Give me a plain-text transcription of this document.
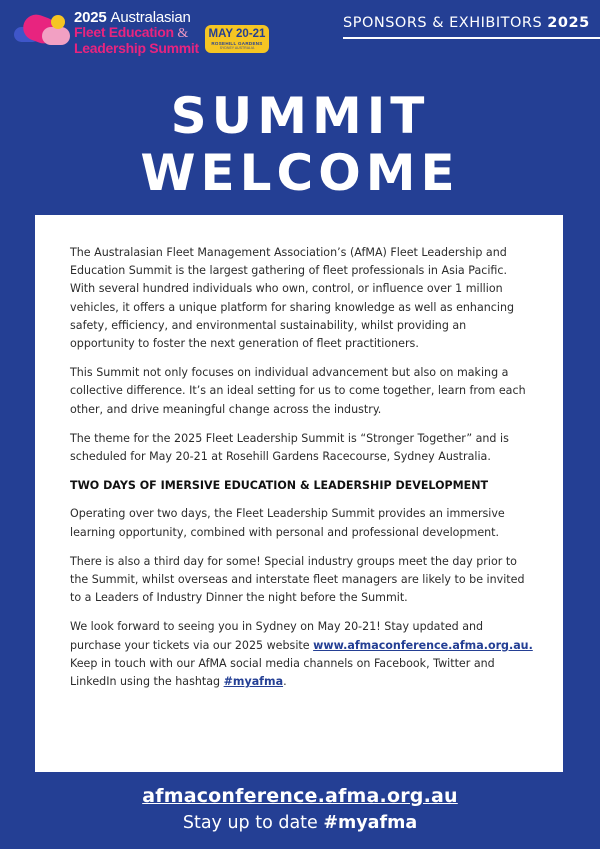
2025 Australasian
Fleet Education &
Leadership Summit
MAY 20-21
ROSEHILL GARDENS
SYDNEY AUSTRALIA
SPONSORS & EXHIBITORS 2025
SUMMIT
WELCOME

The Australasian Fleet Management Association’s (AfMA) Fleet Leadership and Education Summit is the largest gathering of fleet professionals in Asia Pacific. With several hundred individuals who own, control, or influence over 1 million vehicles, it offers a unique platform for sharing knowledge as well as enhancing safety, efficiency, and environmental sustainability, whilst providing an opportunity to foster the next generation of fleet practitioners.

This Summit not only focuses on individual advancement but also on making a collective difference. It’s an ideal setting for us to come together, learn from each other, and drive meaningful change across the industry.

The theme for the 2025 Fleet Leadership Summit is “Stronger Together” and is scheduled for May 20-21 at Rosehill Gardens Racecourse, Sydney Australia.

TWO DAYS OF IMERSIVE EDUCATION & LEADERSHIP DEVELOPMENT

Operating over two days, the Fleet Leadership Summit provides an immersive learning opportunity, combined with personal and professional development.

There is also a third day for some! Special industry groups meet the day prior to the Summit, whilst overseas and interstate fleet managers are likely to be invited to a Leaders of Industry Dinner the night before the Summit.

We look forward to seeing you in Sydney on May 20-21! Stay updated and purchase your tickets via our 2025 website www.afmaconference.afma.org.au. Keep in touch with our AfMA social media channels on Facebook, Twitter and LinkedIn using the hashtag #myafma.

afmaconference.afma.org.au
Stay up to date #myafma
